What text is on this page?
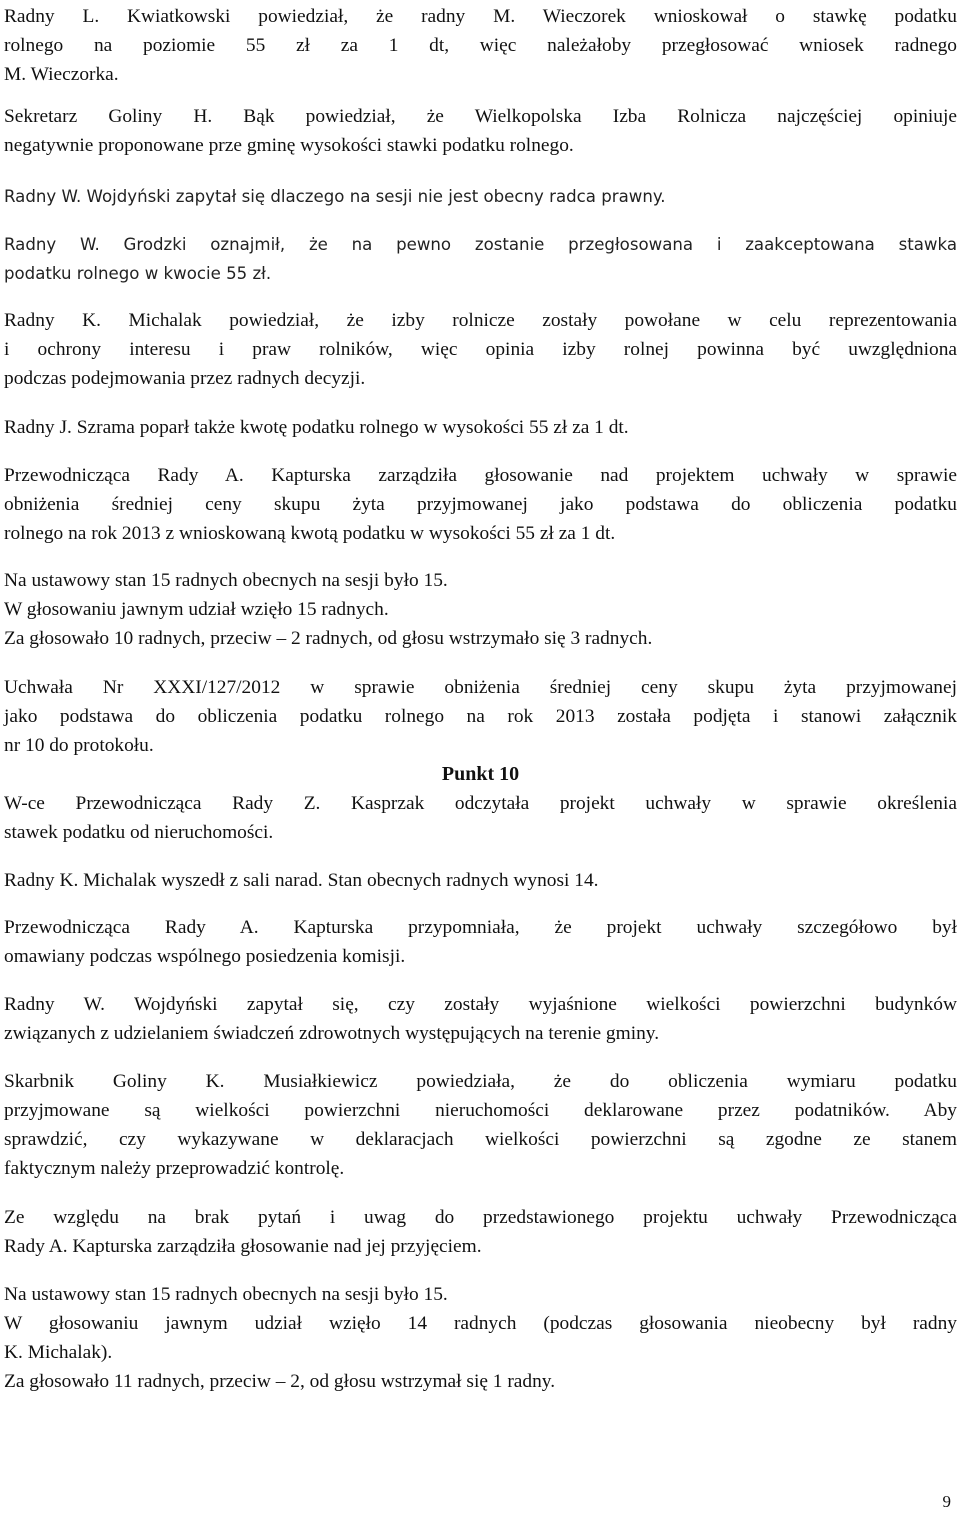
Radny L. Kwiatkowski powiedział, że radny M. Wieczorek wnioskował o stawkę podatku
rolnego na poziomie 55 zł za 1 dt, więc należałoby przegłosować wniosek radnego
M. Wieczorka.
Sekretarz Goliny H. Bąk powiedział, że Wielkopolska Izba Rolnicza najczęściej opiniuje
negatywnie proponowane prze gminę wysokości stawki podatku rolnego.
Radny W. Wojdyński zapytał się dlaczego na sesji nie jest obecny radca prawny.
Radny W. Grodzki oznajmił, że na pewno zostanie przegłosowana i zaakceptowana stawka
podatku rolnego w kwocie 55 zł.
Radny K. Michalak powiedział, że izby rolnicze zostały powołane w celu reprezentowania
i ochrony interesu i praw rolników, więc opinia izby rolnej powinna być uwzględniona
podczas podejmowania przez radnych decyzji.
Radny J. Szrama poparł także kwotę podatku rolnego w wysokości 55 zł za 1 dt.
Przewodnicząca Rady A. Kapturska zarządziła głosowanie nad projektem uchwały w sprawie
obniżenia średniej ceny skupu żyta przyjmowanej jako podstawa do obliczenia podatku
rolnego na rok 2013 z wnioskowaną kwotą podatku w wysokości 55 zł za 1 dt.
Na ustawowy stan 15 radnych obecnych na sesji było 15.
W głosowaniu jawnym udział wzięło 15 radnych.
Za głosowało 10 radnych, przeciw – 2 radnych, od głosu wstrzymało się 3 radnych.
Uchwała Nr XXXI/127/2012 w sprawie obniżenia średniej ceny skupu żyta przyjmowanej
jako podstawa do obliczenia podatku rolnego na rok 2013 została podjęta i stanowi załącznik
nr 10 do protokołu.
Punkt 10
W-ce Przewodnicząca Rady Z. Kasprzak odczytała projekt uchwały w sprawie określenia
stawek podatku od nieruchomości.
Radny K. Michalak wyszedł z sali narad. Stan obecnych radnych wynosi 14.
Przewodnicząca Rady A. Kapturska przypomniała, że projekt uchwały szczegółowo był
omawiany podczas wspólnego posiedzenia komisji.
Radny W. Wojdyński zapytał się, czy zostały wyjaśnione wielkości powierzchni budynków
związanych z udzielaniem świadczeń zdrowotnych występujących na terenie gminy.
Skarbnik Goliny K. Musiałkiewicz powiedziała, że do obliczenia wymiaru podatku
przyjmowane są wielkości powierzchni nieruchomości deklarowane przez podatników. Aby
sprawdzić, czy wykazywane w deklaracjach wielkości powierzchni są zgodne ze stanem
faktycznym należy przeprowadzić kontrolę.
Ze względu na brak pytań i uwag do przedstawionego projektu uchwały Przewodnicząca
Rady A. Kapturska zarządziła głosowanie nad jej przyjęciem.
Na ustawowy stan 15 radnych obecnych na sesji było 15.
W głosowaniu jawnym udział wzięło 14 radnych (podczas głosowania nieobecny był radny
K. Michalak).
Za głosowało 11 radnych, przeciw – 2, od głosu wstrzymał się 1 radny.
9
